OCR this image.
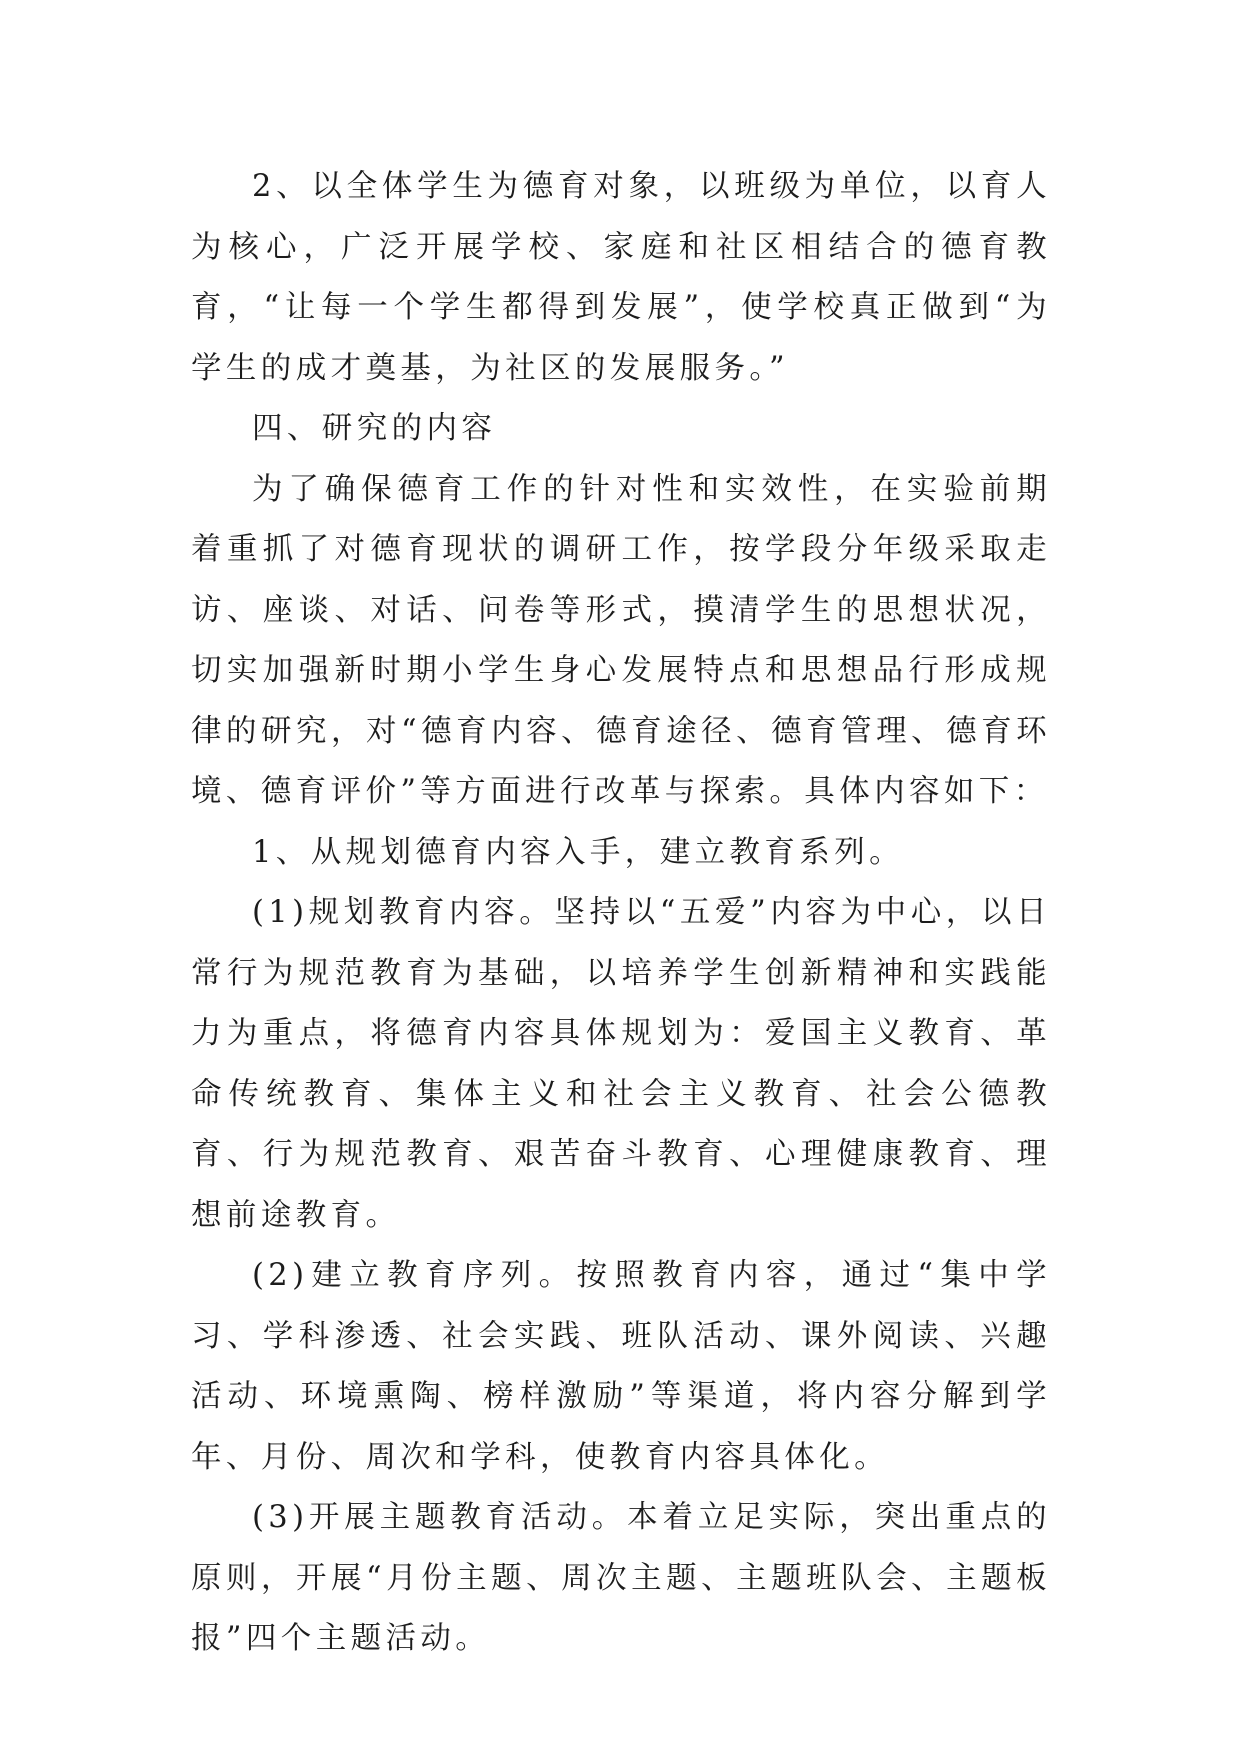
2、以全体学生为德育对象，以班级为单位，以育人为核心，广泛开展学校、家庭和社区相结合的德育教育，“让每一个学生都得到发展”，使学校真正做到“为学生的成才奠基，为社区的发展服务。”

四、研究的内容

为了确保德育工作的针对性和实效性，在实验前期着重抓了对德育现状的调研工作，按学段分年级采取走访、座谈、对话、问卷等形式，摸清学生的思想状况，切实加强新时期小学生身心发展特点和思想品行形成规律的研究，对“德育内容、德育途径、德育管理、德育环境、德育评价”等方面进行改革与探索。具体内容如下：

1、从规划德育内容入手，建立教育系列。

(1)规划教育内容。坚持以“五爱”内容为中心，以日常行为规范教育为基础，以培养学生创新精神和实践能力为重点，将德育内容具体规划为：爱国主义教育、革命传统教育、集体主义和社会主义教育、社会公德教育、行为规范教育、艰苦奋斗教育、心理健康教育、理想前途教育。

(2)建立教育序列。按照教育内容，通过“集中学习、学科渗透、社会实践、班队活动、课外阅读、兴趣活动、环境熏陶、榜样激励”等渠道，将内容分解到学年、月份、周次和学科，使教育内容具体化。

(3)开展主题教育活动。本着立足实际，突出重点的原则，开展“月份主题、周次主题、主题班队会、主题板报”四个主题活动。
